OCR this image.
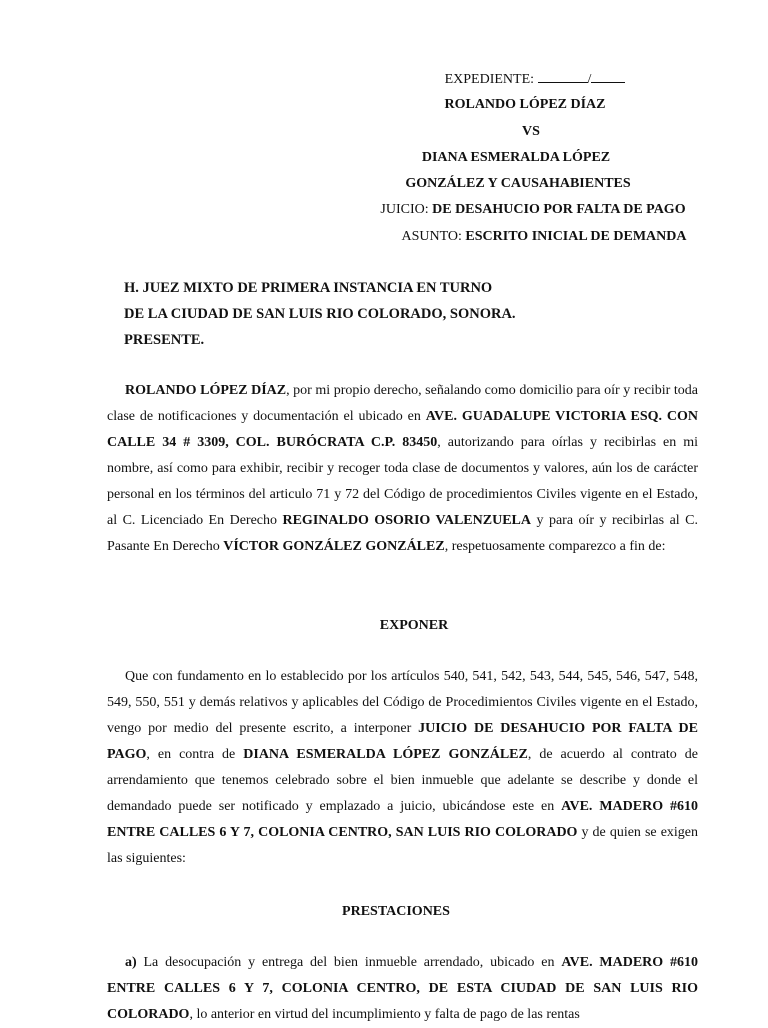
EXPEDIENTE:	/
ROLANDO LÓPEZ DÍAZ
VS
DIANA ESMERALDA LÓPEZ
GONZÁLEZ Y CAUSAHABIENTES
JUICIO: DE DESAHUCIO POR FALTA DE PAGO
ASUNTO: ESCRITO INICIAL DE DEMANDA
H. JUEZ MIXTO DE PRIMERA INSTANCIA EN TURNO
DE LA CIUDAD DE SAN LUIS RIO COLORADO, SONORA.
PRESENTE.

ROLANDO LÓPEZ DÍAZ, por mi propio derecho, señalando como domicilio para oír y recibir toda clase de notificaciones y documentación el ubicado en AVE. GUADALUPE VICTORIA ESQ. CON CALLE 34 # 3309, COL. BURÓCRATA C.P. 83450, autorizando para oírlas y recibirlas en mi nombre, así como para exhibir, recibir y recoger toda clase de documentos y valores, aún los de carácter personal en los términos del articulo 71 y 72 del Código de procedimientos Civiles vigente en el Estado, al C. Licenciado En Derecho REGINALDO OSORIO VALENZUELA y para oír y recibirlas al C. Pasante En Derecho VÍCTOR GONZÁLEZ GONZÁLEZ, respetuosamente comparezco a fin de:

EXPONER

Que con fundamento en lo establecido por los artículos 540, 541, 542, 543, 544, 545, 546, 547, 548, 549, 550, 551 y demás relativos y aplicables del Código de Procedimientos Civiles vigente en el Estado, vengo por medio del presente escrito, a interponer JUICIO DE DESAHUCIO POR FALTA DE PAGO, en contra de DIANA ESMERALDA LÓPEZ GONZÁLEZ, de acuerdo al contrato de arrendamiento que tenemos celebrado sobre el bien inmueble que adelante se describe y donde el demandado puede ser notificado y emplazado a juicio, ubicándose este en AVE. MADERO #610 ENTRE CALLES 6 Y 7, COLONIA CENTRO, SAN LUIS RIO COLORADO y de quien se exigen las siguientes:

PRESTACIONES

a) La desocupación y entrega del bien inmueble arrendado, ubicado en AVE. MADERO #610 ENTRE CALLES 6 Y 7, COLONIA CENTRO, DE ESTA CIUDAD DE SAN LUIS RIO COLORADO, lo anterior en virtud del incumplimiento y falta de pago de las rentas
